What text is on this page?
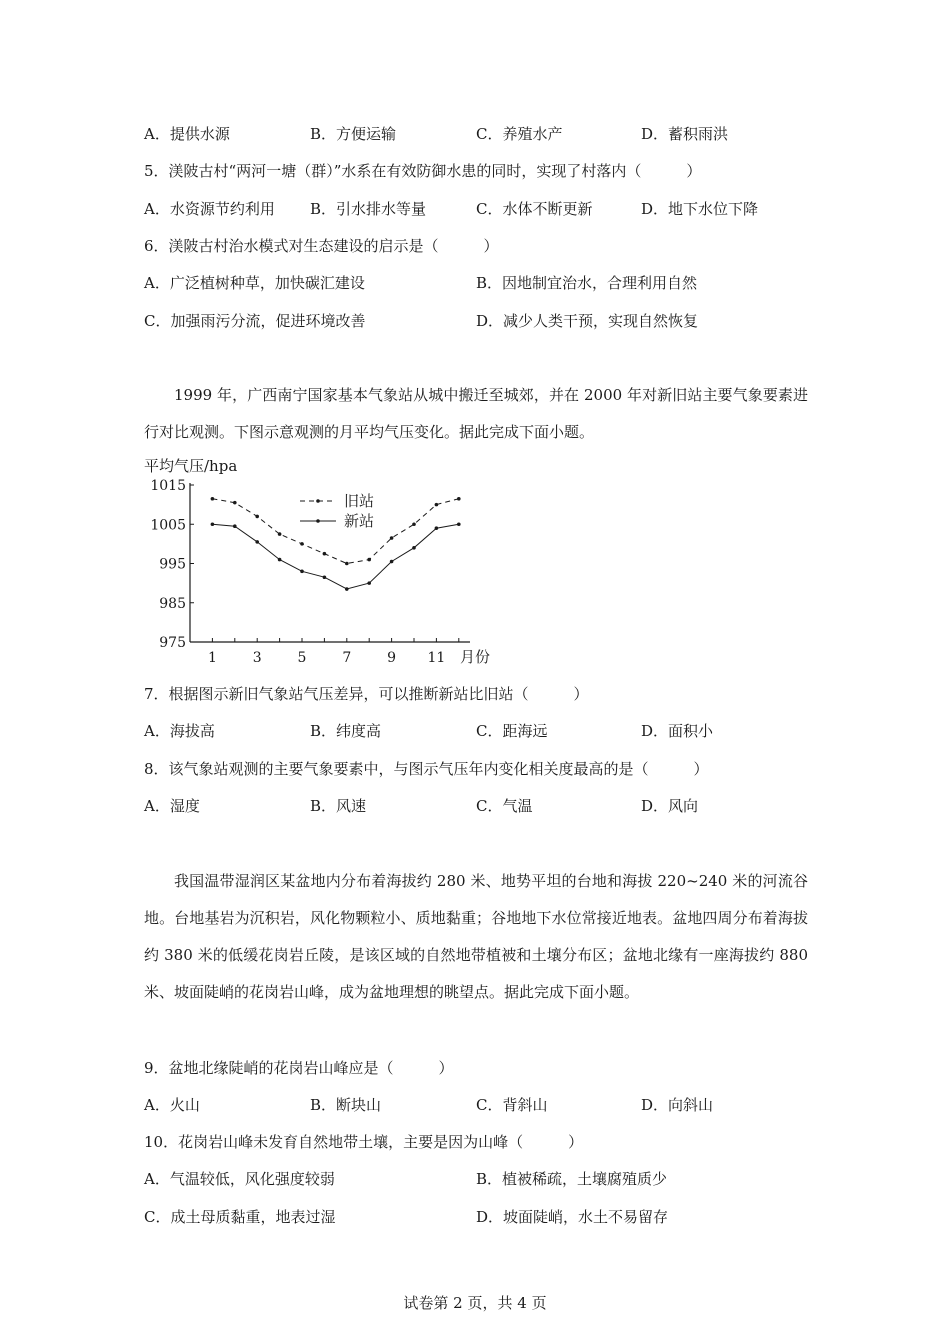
A．提供水源	B．方便运输	C．养殖水产	D．蓄积雨洪
5．渼陂古村“两河一塘（群）”水系在有效防御水患的同时，实现了村落内（　　　）
A．水资源节约利用 B．引水排水等量	C．水体不断更新	D．地下水位下降
6．渼陂古村治水模式对生态建设的启示是（　　　）
A．广泛植树种草，加快碳汇建设	B．因地制宜治水，合理利用自然
C．加强雨污分流，促进环境改善	D．减少人类干预，实现自然恢复
1999 年，广西南宁国家基本气象站从城中搬迁至城郊，并在 2000 年对新旧站主要气象要素进行对比观测。下图示意观测的月平均气压变化。据此完成下面小题。
平均气压/hpa
975
985
995
1005
1015
1	3	5	7	9 11
旧站
新站
月份
7．根据图示新旧气象站气压差异，可以推断新站比旧站（　　　）
A．海拔高	B．纬度高	C．距海远	D．面积小
8．该气象站观测的主要气象要素中，与图示气压年内变化相关度最高的是（　　　）
A．湿度	B．风速	C．气温	D．风向
我国温带湿润区某盆地内分布着海拔约 280 米、地势平坦的台地和海拔 220~240 米的河流谷地。台地基岩为沉积岩，风化物颗粒小、质地黏重；谷地地下水位常接近地表。盆地四周分布着海拔约 380 米的低缓花岗岩丘陵，是该区域的自然地带植被和土壤分布区；盆地北缘有一座海拔约 880 米、坡面陡峭的花岗岩山峰，成为盆地理想的眺望点。据此完成下面小题。
9．盆地北缘陡峭的花岗岩山峰应是（　　　）
A．火山	B．断块山	C．背斜山	D．向斜山
10．花岗岩山峰未发育自然地带土壤，主要是因为山峰（　　　）
A．气温较低，风化强度较弱	B．植被稀疏，土壤腐殖质少
C．成土母质黏重，地表过湿	D．坡面陡峭，水土不易留存
试卷第 2 页，共 4 页
